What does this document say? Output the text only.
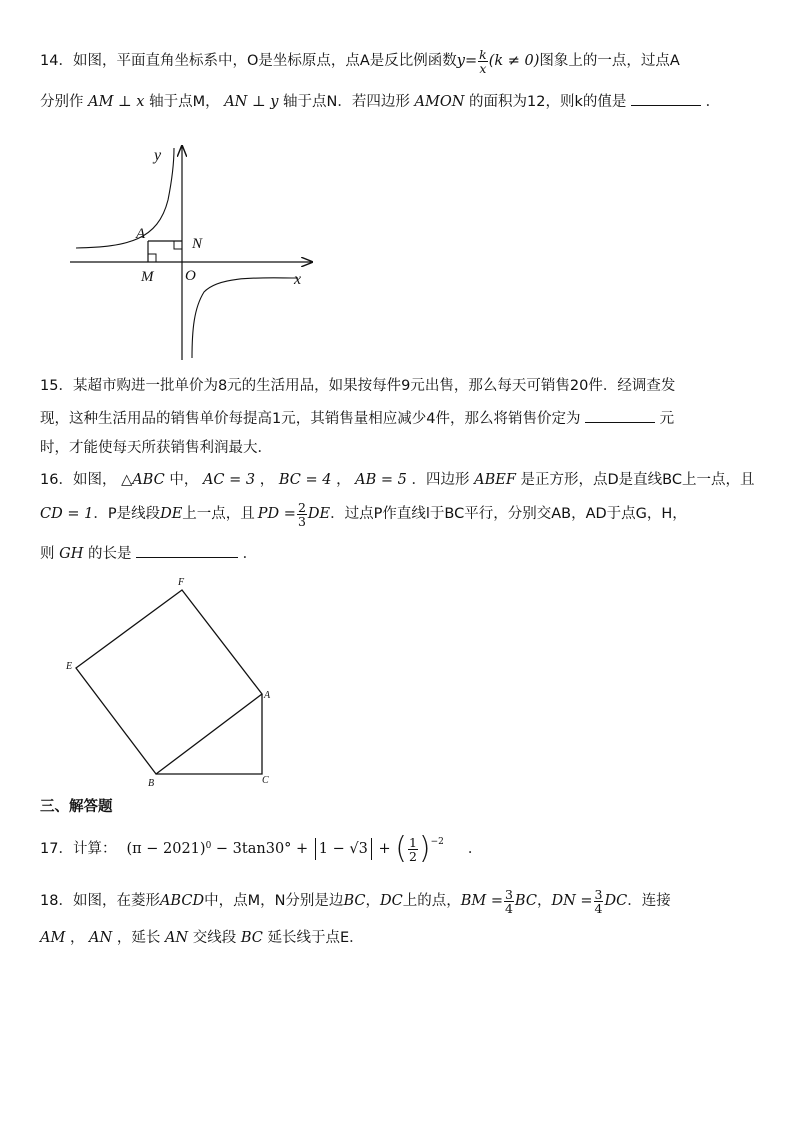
14．如图，平面直角坐标系中，O是坐标原点，点A是反比例函数 $y = \frac{k}{x} (k \ne 0)$ 图象上的一点，过点A
分别作 AM ⊥ x 轴于点M， AN ⊥ y 轴于点N．若四边形 AMON 的面积为12，则k的值是	．
y
x
A
M
N
O
15．某超市购进一批单价为8元的生活用品，如果按每件9元出售，那么每天可销售20件．经调查发
现，这种生活用品的销售单价每提高1元，其销售量相应减少4件，那么将销售价定为	元
时，才能使每天所获销售利润最大．
16．如图， △ABC 中， AC = 3 ， BC = 4 ， AB = 5 ．四边形 ABEF 是正方形，点D是直线BC上一点，且
CD = 1 ．P是线段 DE 上一点，且 PD = $\frac{2}{3}$ DE ．过点P作直线l于BC平行，分别交AB，AD于点G，H，
则 GH 的长是	．
F
E
A
B	C
三、解答题
17．计算： $(\pi - 2021)^0 - 3\tan 30^\circ + 1 - √3$ + ( $\frac{1}{2} )^{-2}$ ．
18．如图，在菱形 ABCD 中，点M，N分别是边 BC ， DC 上的点， BM = $\frac{3}{4}$ BC ， DN = $\frac{3}{4}$ DC ．连接
AM ， AN ，延长 AN 交线段 BC 延长线于点E．
